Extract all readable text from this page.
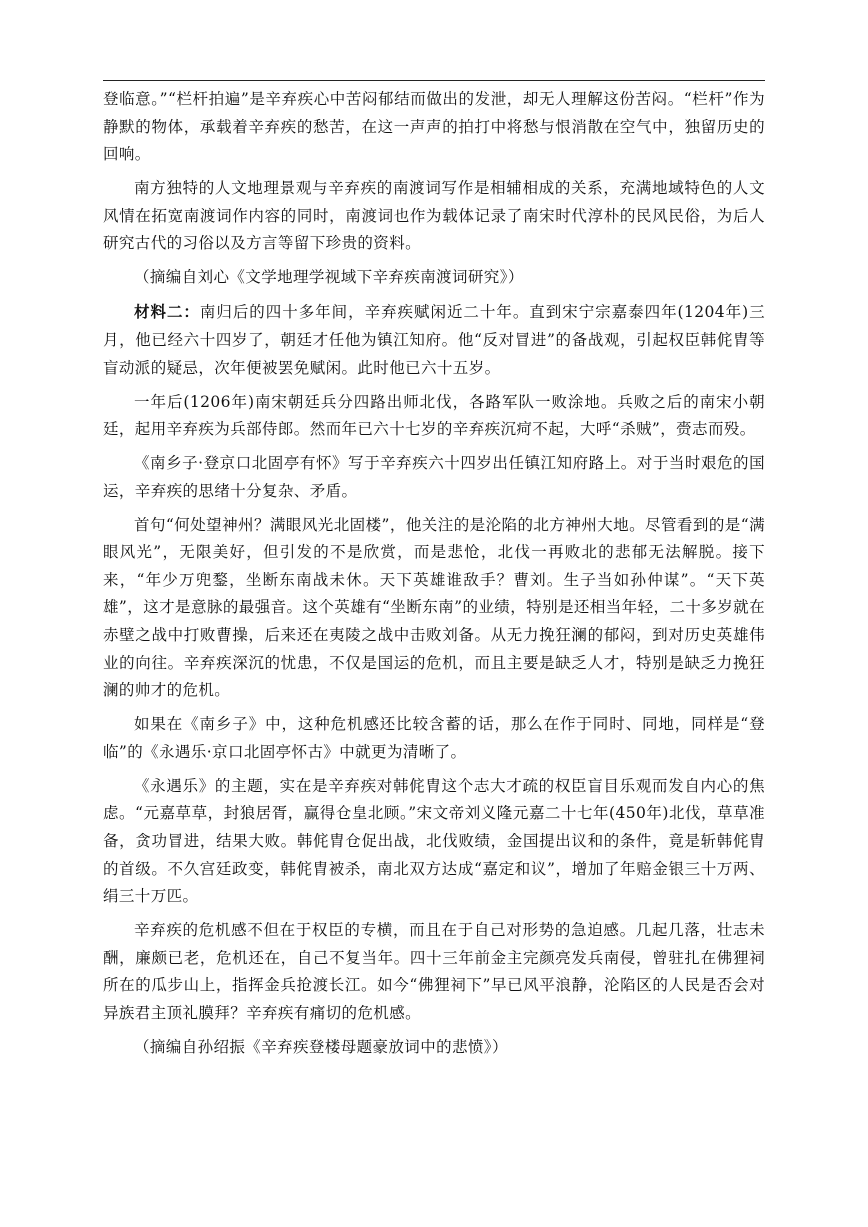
登临意。”“栏杆拍遍”是辛弃疾心中苦闷郁结而做出的发泄，却无人理解这份苦闷。“栏杆”作为静默的物体，承载着辛弃疾的愁苦，在这一声声的拍打中将愁与恨消散在空气中，独留历史的回响。

南方独特的人文地理景观与辛弃疾的南渡词写作是相辅相成的关系，充满地域特色的人文风情在拓宽南渡词作内容的同时，南渡词也作为载体记录了南宋时代淳朴的民风民俗，为后人研究古代的习俗以及方言等留下珍贵的资料。

（摘编自刘心《文学地理学视域下辛弃疾南渡词研究》）

材料二：南归后的四十多年间，辛弃疾赋闲近二十年。直到宋宁宗嘉泰四年(1204年)三月，他已经六十四岁了，朝廷才任他为镇江知府。他“反对冒进”的备战观，引起权臣韩侂胄等盲动派的疑忌，次年便被罢免赋闲。此时他已六十五岁。

一年后(1206年)南宋朝廷兵分四路出师北伐，各路军队一败涂地。兵败之后的南宋小朝廷，起用辛弃疾为兵部侍郎。然而年已六十七岁的辛弃疾沉疴不起，大呼“杀贼”，赍志而殁。

《南乡子·登京口北固亭有怀》写于辛弃疾六十四岁出任镇江知府路上。对于当时艰危的国运，辛弃疾的思绪十分复杂、矛盾。

首句“何处望神州？满眼风光北固楼”，他关注的是沦陷的北方神州大地。尽管看到的是“满眼风光”，无限美好，但引发的不是欣赏，而是悲怆，北伐一再败北的悲郁无法解脱。接下来，“年少万兜鍪，坐断东南战未休。天下英雄谁敌手？曹刘。生子当如孙仲谋”。“天下英雄”，这才是意脉的最强音。这个英雄有“坐断东南”的业绩，特别是还相当年轻，二十多岁就在赤壁之战中打败曹操，后来还在夷陵之战中击败刘备。从无力挽狂澜的郁闷，到对历史英雄伟业的向往。辛弃疾深沉的忧患，不仅是国运的危机，而且主要是缺乏人才，特别是缺乏力挽狂澜的帅才的危机。

如果在《南乡子》中，这种危机感还比较含蓄的话，那么在作于同时、同地，同样是“登临”的《永遇乐·京口北固亭怀古》中就更为清晰了。

《永遇乐》的主题，实在是辛弃疾对韩侂胄这个志大才疏的权臣盲目乐观而发自内心的焦虑。“元嘉草草，封狼居胥，赢得仓皇北顾。”宋文帝刘义隆元嘉二十七年(450年)北伐，草草准备，贪功冒进，结果大败。韩侂胄仓促出战，北伐败绩，金国提出议和的条件，竟是斩韩侂胄的首级。不久宫廷政变，韩侂胄被杀，南北双方达成“嘉定和议”，增加了年赔金银三十万两、绢三十万匹。

辛弃疾的危机感不但在于权臣的专横，而且在于自己对形势的急迫感。几起几落，壮志未酬，廉颇已老，危机还在，自己不复当年。四十三年前金主完颜亮发兵南侵，曾驻扎在佛狸祠所在的瓜步山上，指挥金兵抢渡长江。如今“佛狸祠下”早已风平浪静，沦陷区的人民是否会对异族君主顶礼膜拜？辛弃疾有痛切的危机感。

（摘编自孙绍振《辛弃疾登楼母题豪放词中的悲愤》）
